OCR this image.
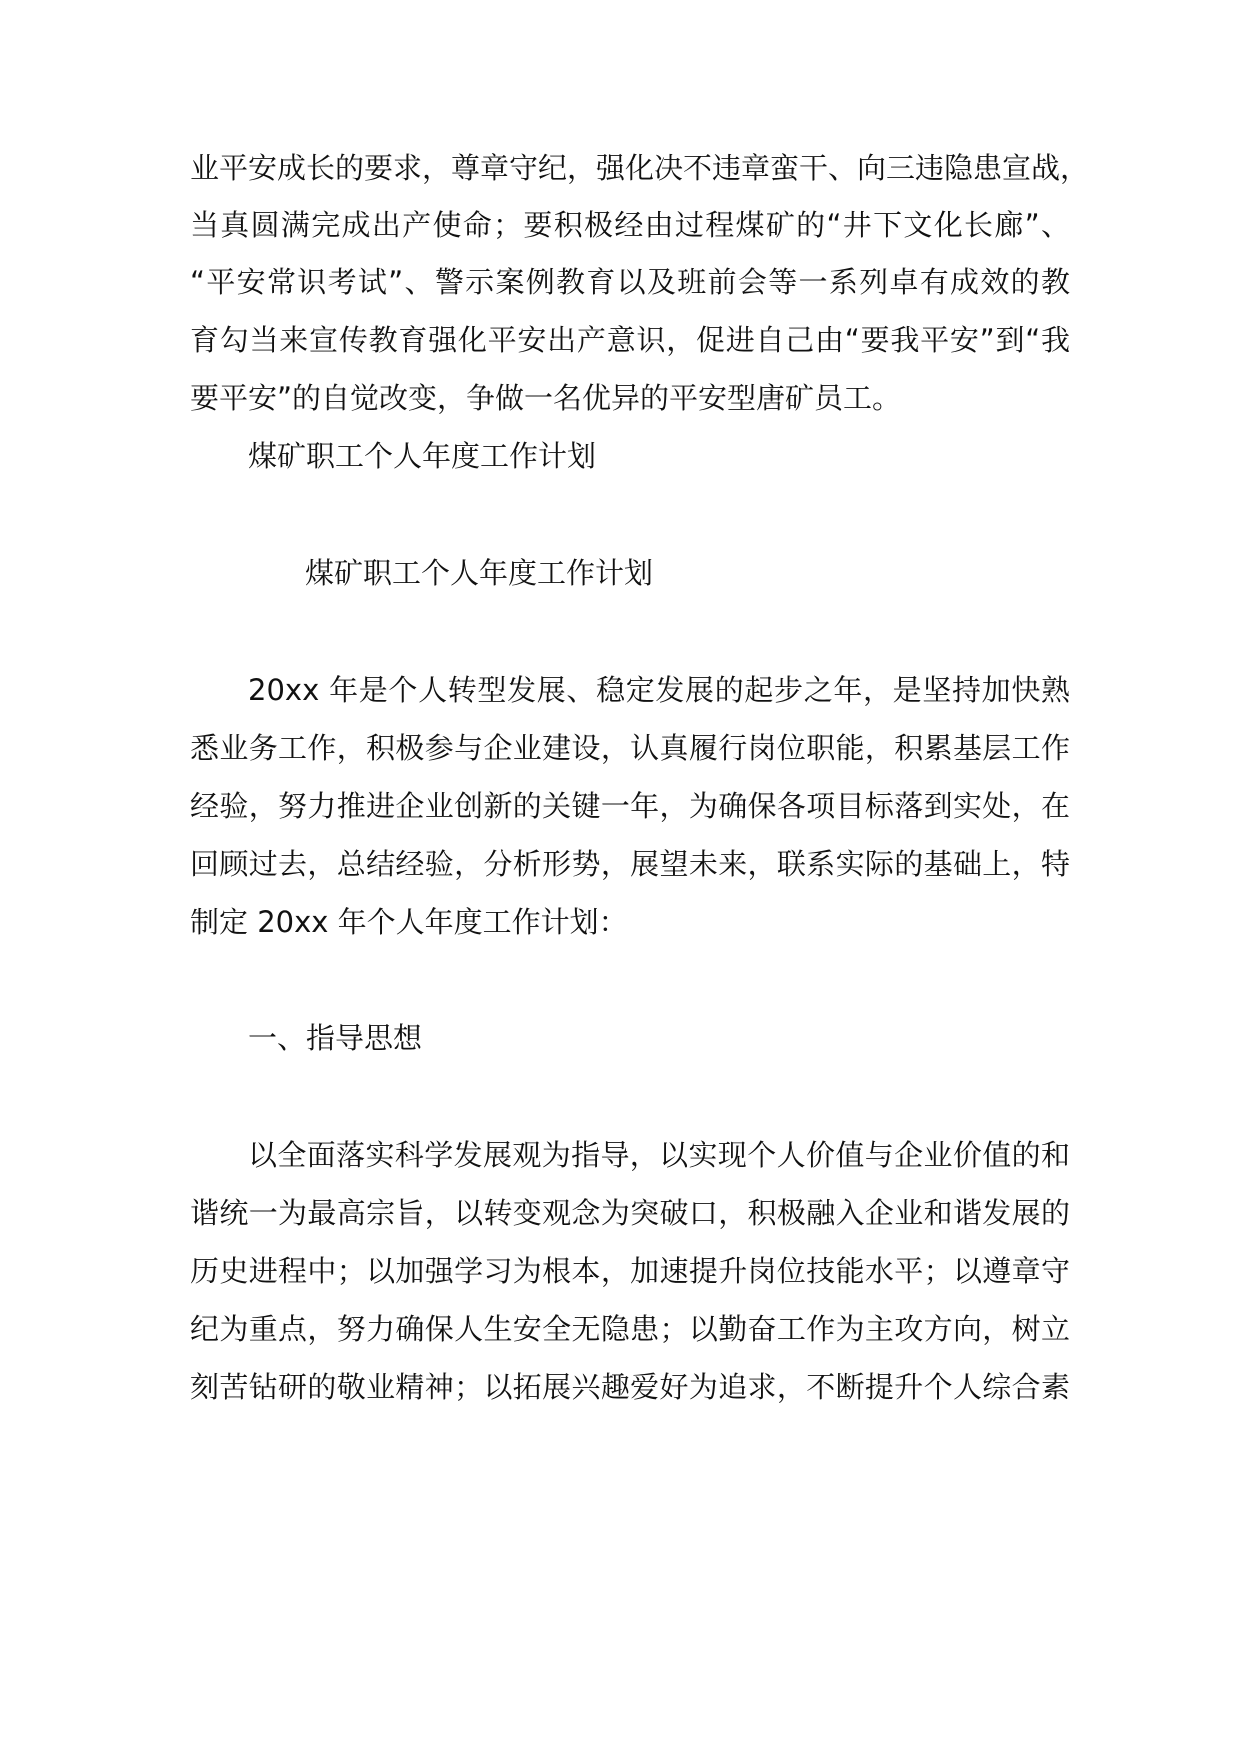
业平安成长的要求，尊章守纪，强化决不违章蛮干、向三违隐患宣战，
当真圆满完成出产使命；要积极经由过程煤矿的“井下文化长廊”、
“平安常识考试”、警示案例教育以及班前会等一系列卓有成效的教
育勾当来宣传教育强化平安出产意识，促进自己由“要我平安”到“我
要平安”的自觉改变，争做一名优异的平安型唐矿员工。
煤矿职工个人年度工作计划
煤矿职工个人年度工作计划
20xx 年是个人转型发展、稳定发展的起步之年，是坚持加快熟
悉业务工作，积极参与企业建设，认真履行岗位职能，积累基层工作
经验，努力推进企业创新的关键一年，为确保各项目标落到实处，在
回顾过去，总结经验，分析形势，展望未来，联系实际的基础上，特
制定 20xx 年个人年度工作计划：
一、指导思想
以全面落实科学发展观为指导，以实现个人价值与企业价值的和
谐统一为最高宗旨，以转变观念为突破口，积极融入企业和谐发展的
历史进程中；以加强学习为根本，加速提升岗位技能水平；以遵章守
纪为重点，努力确保人生安全无隐患；以勤奋工作为主攻方向，树立
刻苦钻研的敬业精神；以拓展兴趣爱好为追求，不断提升个人综合素
